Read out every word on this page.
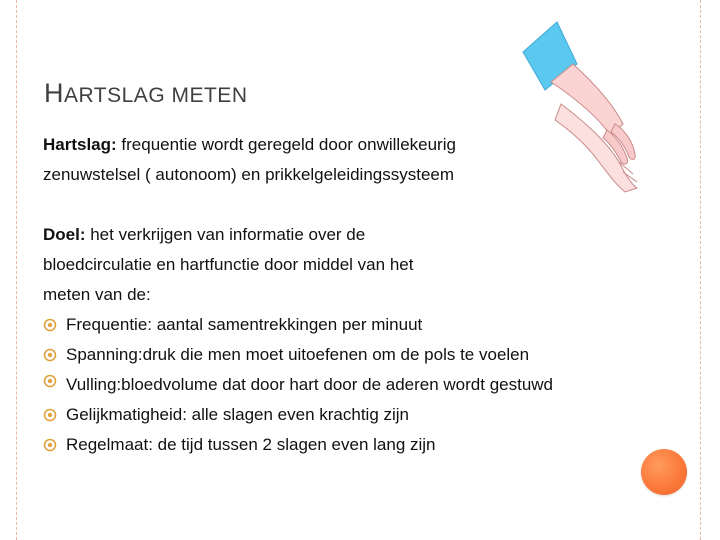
HARTSLAG METEN

Hartslag: frequentie wordt geregeld door onwillekeurig

zenuwstelsel ( autonoom) en prikkelgeleidingssysteem

Doel: het verkrijgen van informatie over de

bloedcirculatie en hartfunctie door middel van het

meten van de:

Frequentie: aantal samentrekkingen per minuut
Spanning:druk die men moet uitoefenen om de pols te voelen
Vulling:bloedvolume dat door hart door de aderen wordt gestuwd
Gelijkmatigheid: alle slagen even krachtig zijn
Regelmaat: de tijd tussen 2 slagen even lang zijn
